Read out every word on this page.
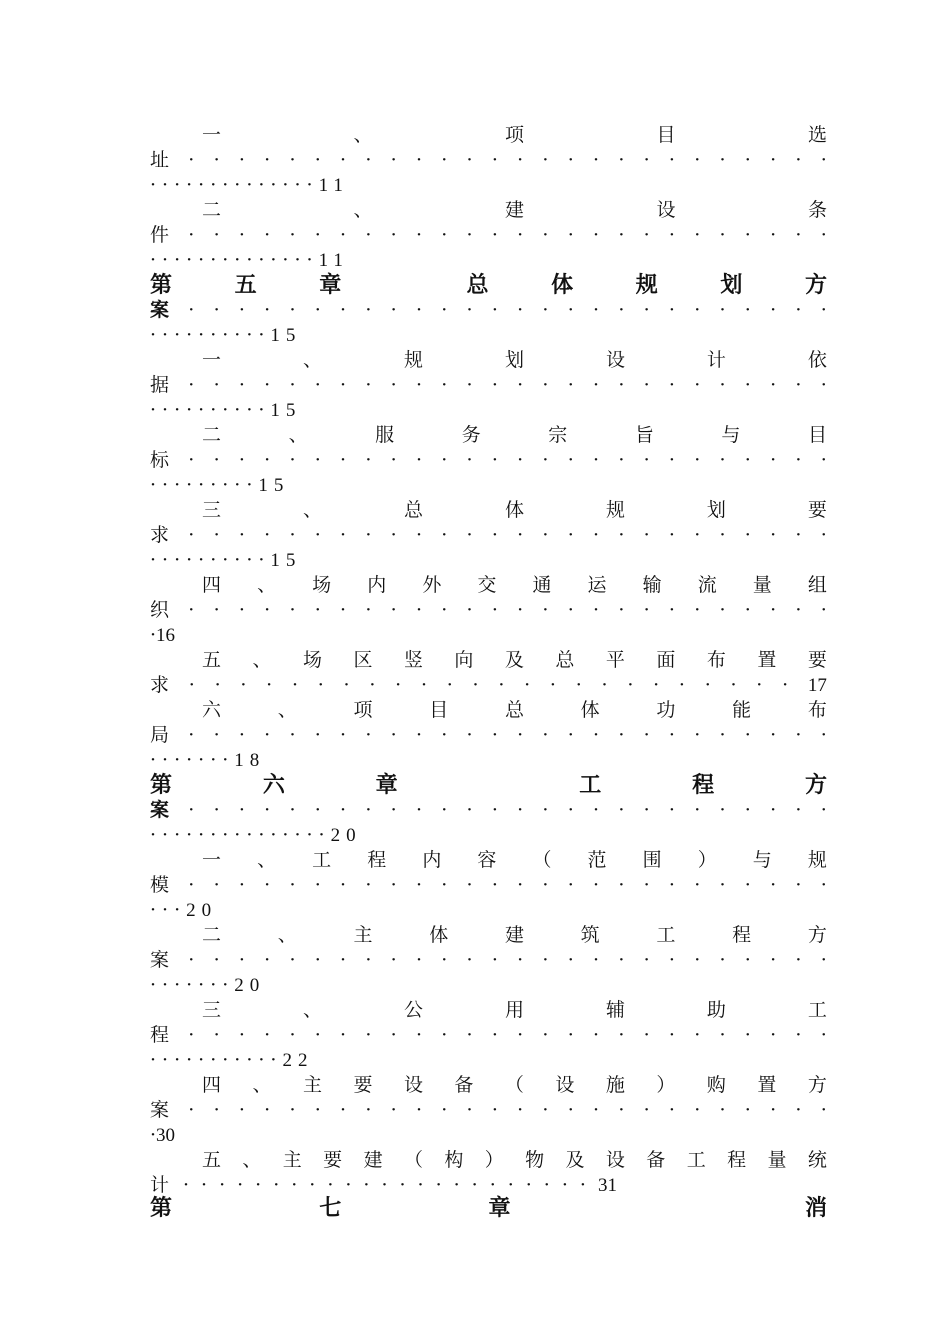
一	、	项	目	选
址 · · · · · · · · · · · · · · · · · · · · · · · · · ·
·············· 11
二	、	建	设	条
件 · · · · · · · · · · · · · · · · · · · · · · · · · ·
·············· 11
第	五	章	总	体	规	划	方
案 · · · · · · · · · · · · · · · · · · · · · · · · · ·
·········· 15
一	、	规	划	设	计	依
据 · · · · · · · · · · · · · · · · · · · · · · · · · ·
·········· 15
二	、	服	务	宗	旨	与	目
标 · · · · · · · · · · · · · · · · · · · · · · · · · ·
········· 15
三	、	总	体	规	划	要
求 · · · · · · · · · · · · · · · · · · · · · · · · · ·
·········· 15
四 、 场 内 外 交 通 运 输 流 量 组
织 · · · · · · · · · · · · · · · · · · · · · · · · · ·
· 16
五 、 场 区 竖 向 及 总 平 面 布 置 要
求 · · · · · · · · · · · · · · · · · · · · · · · · 17
六	、	项	目	总	体	功	能	布
局 · · · · · · · · · · · · · · · · · · · · · · · · · ·
······· 18
第	六	章	工	程	方
案 · · · · · · · · · · · · · · · · · · · · · · · · · ·
··············· 20
一 、 工 程 内 容 （ 范 围 ） 与 规
模 · · · · · · · · · · · · · · · · · · · · · · · · · ·
··· 20
二	、	主	体	建	筑	工	程	方
案 · · · · · · · · · · · · · · · · · · · · · · · · · ·
······· 20
三	、	公	用	辅	助	工
程 · · · · · · · · · · · · · · · · · · · · · · · · · ·
··········· 22
四 、 主 要 设 备 （ 设 施 ） 购 置 方
案 · · · · · · · · · · · · · · · · · · · · · · · · · ·
· 30
五 、 主 要 建 （ 构 ） 物 及 设 备 工 程 量 统
计 ······················· 31
第	七	章	消
